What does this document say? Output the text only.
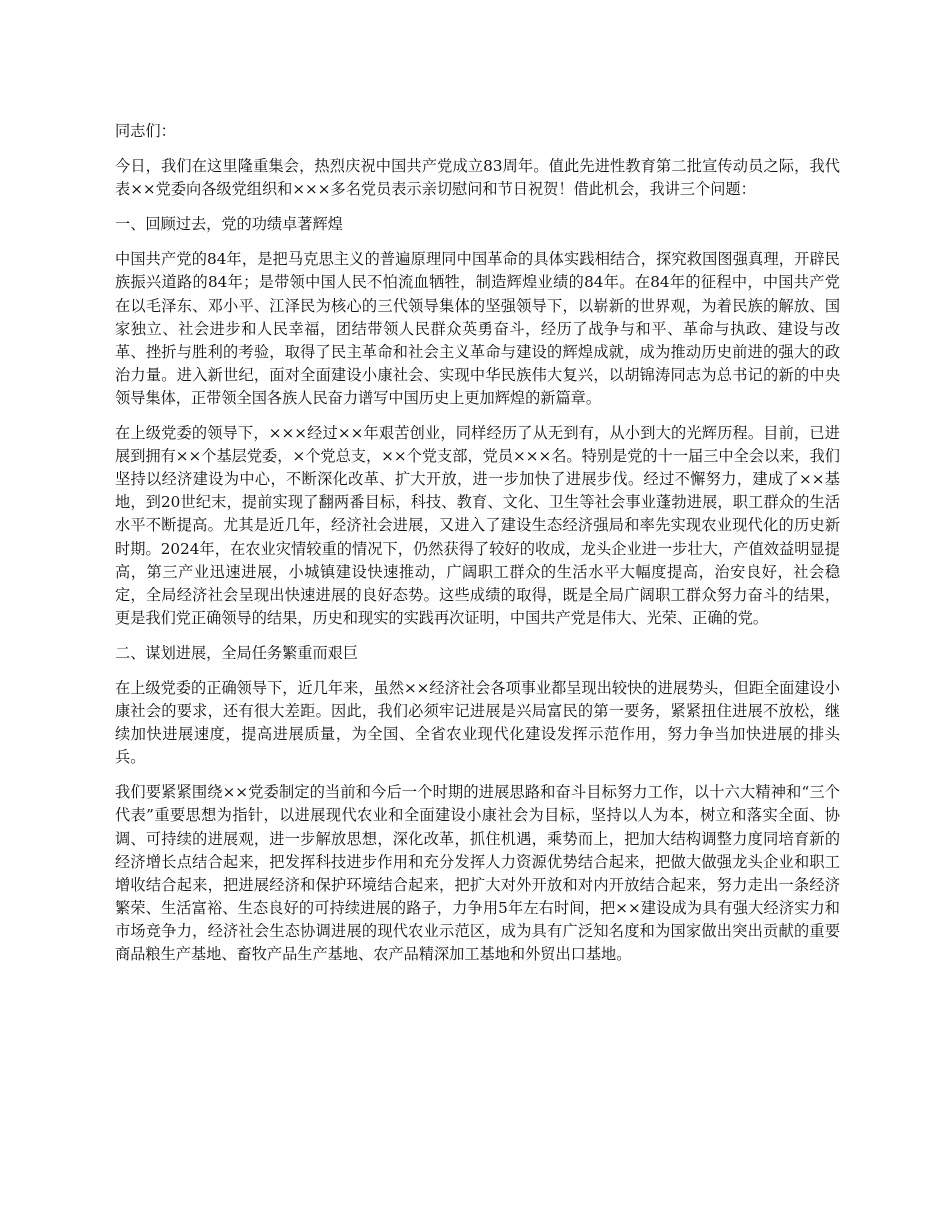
同志们：

今日，我们在这里隆重集会，热烈庆祝中国共产党成立83周年。值此先进性教育第二批宣传动员之际，我代表××党委向各级党组织和×××多名党员表示亲切慰问和节日祝贺！借此机会，我讲三个问题：

一、回顾过去，党的功绩卓著辉煌

中国共产党的84年，是把马克思主义的普遍原理同中国革命的具体实践相结合，探究救国图强真理，开辟民族振兴道路的84年；是带领中国人民不怕流血牺牲，制造辉煌业绩的84年。在84年的征程中，中国共产党在以毛泽东、邓小平、江泽民为核心的三代领导集体的坚强领导下，以崭新的世界观，为着民族的解放、国家独立、社会进步和人民幸福，团结带领人民群众英勇奋斗，经历了战争与和平、革命与执政、建设与改革、挫折与胜利的考验，取得了民主革命和社会主义革命与建设的辉煌成就，成为推动历史前进的强大的政治力量。进入新世纪，面对全面建设小康社会、实现中华民族伟大复兴，以胡锦涛同志为总书记的新的中央领导集体，正带领全国各族人民奋力谱写中国历史上更加辉煌的新篇章。

在上级党委的领导下，×××经过××年艰苦创业，同样经历了从无到有，从小到大的光辉历程。目前，已进展到拥有××个基层党委，×个党总支，××个党支部，党员×××名。特别是党的十一届三中全会以来，我们坚持以经济建设为中心，不断深化改革、扩大开放，进一步加快了进展步伐。经过不懈努力，建成了××基地，到20世纪末，提前实现了翻两番目标，科技、教育、文化、卫生等社会事业蓬勃进展，职工群众的生活水平不断提高。尤其是近几年，经济社会进展，又进入了建设生态经济强局和率先实现农业现代化的历史新时期。2024年，在农业灾情较重的情况下，仍然获得了较好的收成，龙头企业进一步壮大，产值效益明显提高，第三产业迅速进展，小城镇建设快速推动，广阔职工群众的生活水平大幅度提高，治安良好，社会稳定，全局经济社会呈现出快速进展的良好态势。这些成绩的取得，既是全局广阔职工群众努力奋斗的结果，更是我们党正确领导的结果，历史和现实的实践再次证明，中国共产党是伟大、光荣、正确的党。

二、谋划进展，全局任务繁重而艰巨

在上级党委的正确领导下，近几年来，虽然××经济社会各项事业都呈现出较快的进展势头，但距全面建设小康社会的要求，还有很大差距。因此，我们必须牢记进展是兴局富民的第一要务，紧紧扭住进展不放松，继续加快进展速度，提高进展质量，为全国、全省农业现代化建设发挥示范作用，努力争当加快进展的排头兵。

我们要紧紧围绕××党委制定的当前和今后一个时期的进展思路和奋斗目标努力工作，以十六大精神和“三个代表”重要思想为指针，以进展现代农业和全面建设小康社会为目标，坚持以人为本，树立和落实全面、协调、可持续的进展观，进一步解放思想，深化改革，抓住机遇，乘势而上，把加大结构调整力度同培育新的经济增长点结合起来，把发挥科技进步作用和充分发挥人力资源优势结合起来，把做大做强龙头企业和职工增收结合起来，把进展经济和保护环境结合起来，把扩大对外开放和对内开放结合起来，努力走出一条经济繁荣、生活富裕、生态良好的可持续进展的路子，力争用5年左右时间，把××建设成为具有强大经济实力和市场竞争力，经济社会生态协调进展的现代农业示范区，成为具有广泛知名度和为国家做出突出贡献的重要商品粮生产基地、畜牧产品生产基地、农产品精深加工基地和外贸出口基地。
